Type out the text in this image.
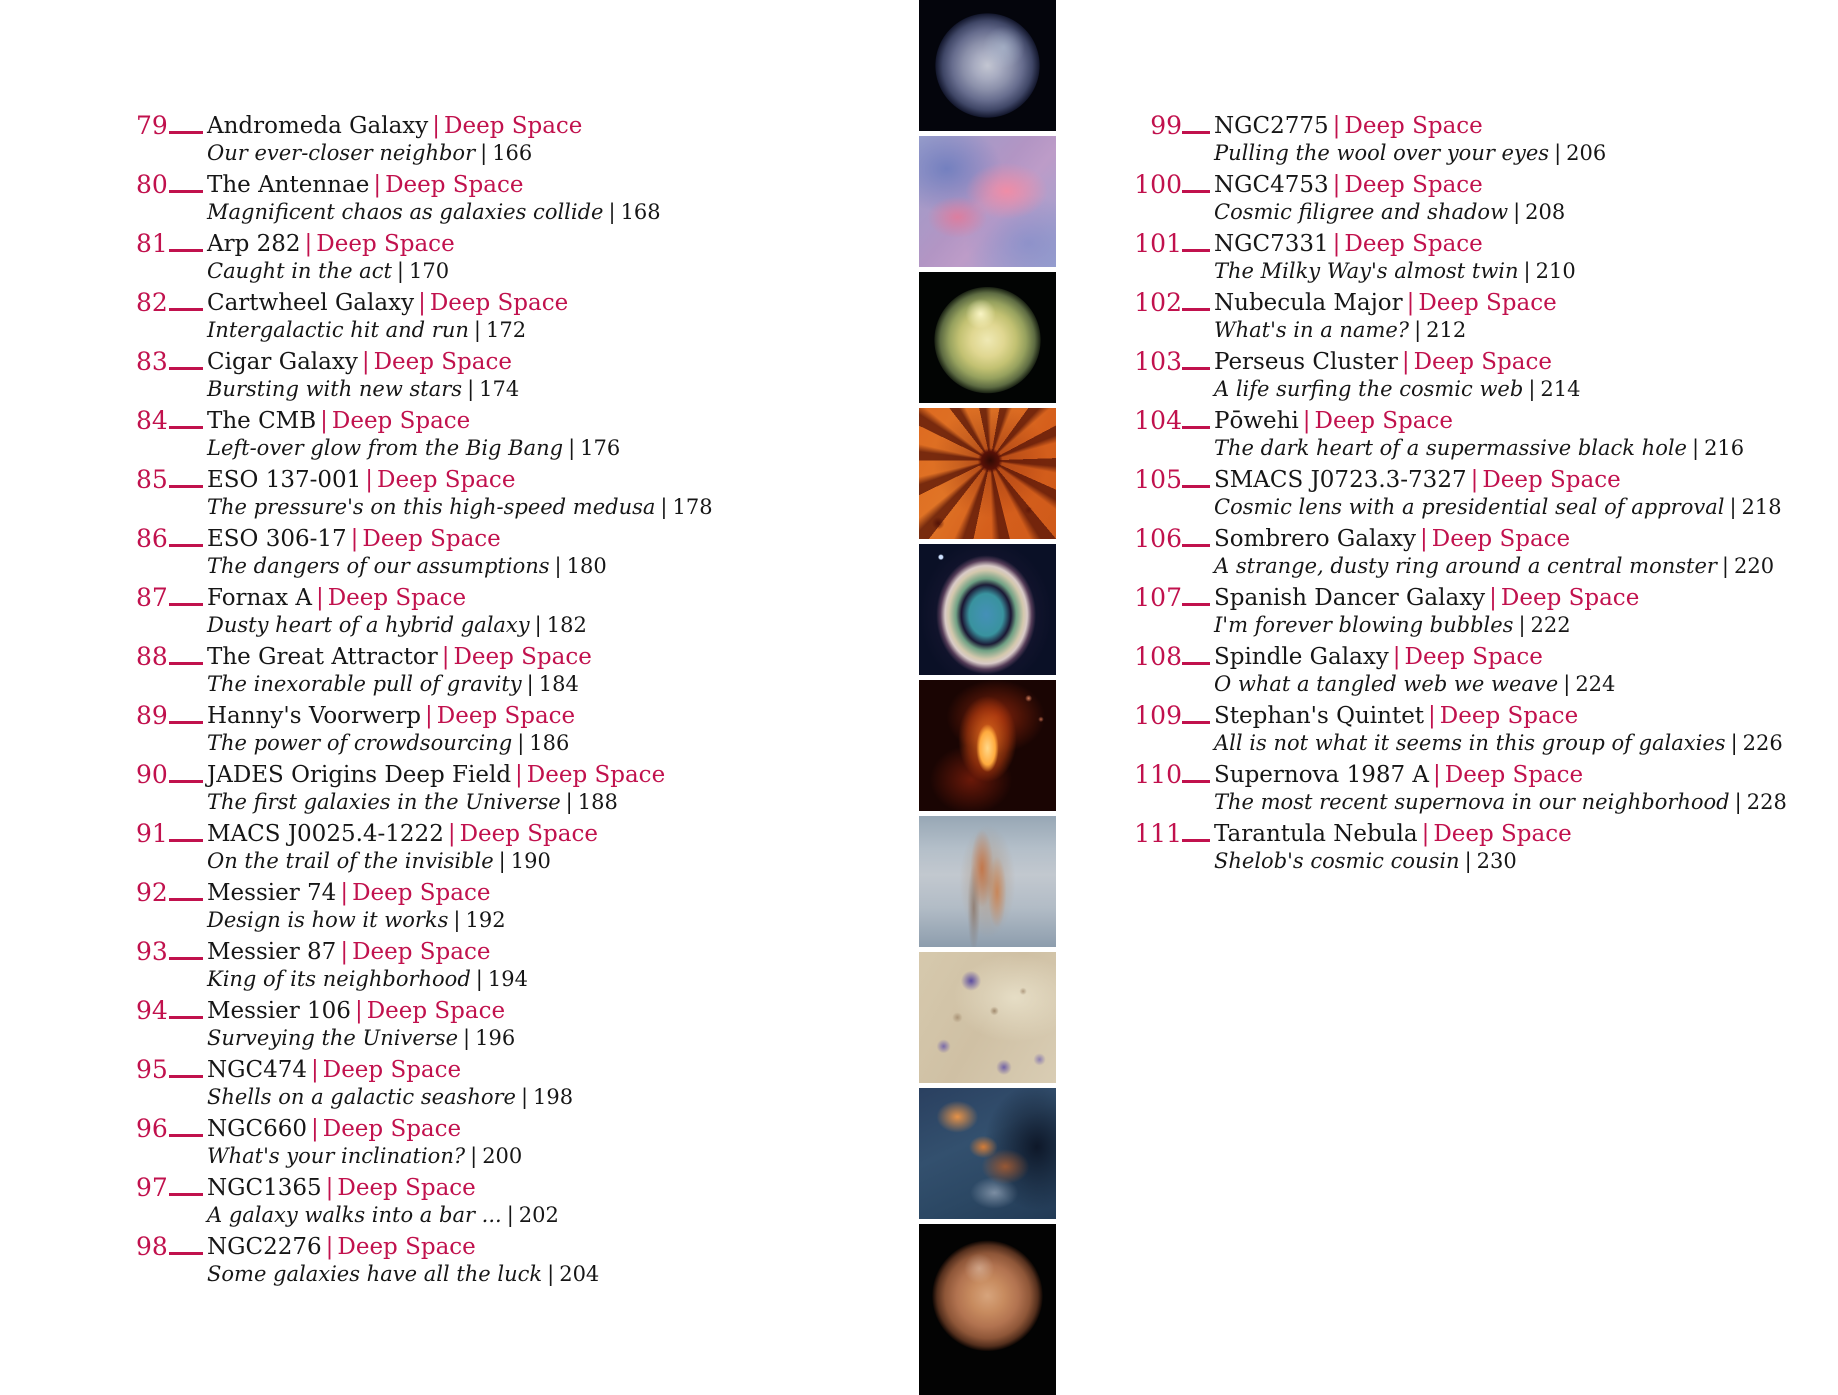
79 Andromeda Galaxy | Deep Space
Our ever-closer neighbor | 166
80 The Antennae | Deep Space
Magnificent chaos as galaxies collide | 168
81 Arp 282 | Deep Space
Caught in the act | 170
82 Cartwheel Galaxy | Deep Space
Intergalactic hit and run | 172
83 Cigar Galaxy | Deep Space
Bursting with new stars | 174
84 The CMB | Deep Space
Left-over glow from the Big Bang | 176
85 ESO 137-001 | Deep Space
The pressure's on this high-speed medusa | 178
86 ESO 306-17 | Deep Space
The dangers of our assumptions | 180
87 Fornax A | Deep Space
Dusty heart of a hybrid galaxy | 182
88 The Great Attractor | Deep Space
The inexorable pull of gravity | 184
89 Hanny's Voorwerp | Deep Space
The power of crowdsourcing | 186
90 JADES Origins Deep Field | Deep Space
The first galaxies in the Universe | 188
91 MACS J0025.4-1222 | Deep Space
On the trail of the invisible | 190
92 Messier 74 | Deep Space
Design is how it works | 192
93 Messier 87 | Deep Space
King of its neighborhood | 194
94 Messier 106 | Deep Space
Surveying the Universe | 196
95 NGC474 | Deep Space
Shells on a galactic seashore | 198
96 NGC660 | Deep Space
What's your inclination? | 200
97 NGC1365 | Deep Space
A galaxy walks into a bar ... | 202
98 NGC2276 | Deep Space
Some galaxies have all the luck | 204
99 NGC2775 | Deep Space
Pulling the wool over your eyes | 206
100 NGC4753 | Deep Space
Cosmic filigree and shadow | 208
101 NGC7331 | Deep Space
The Milky Way's almost twin | 210
102 Nubecula Major | Deep Space
What's in a name? | 212
103 Perseus Cluster | Deep Space
A life surfing the cosmic web | 214
104 Pōwehi | Deep Space
The dark heart of a supermassive black hole | 216
105 SMACS J0723.3-7327 | Deep Space
Cosmic lens with a presidential seal of approval | 218
106 Sombrero Galaxy | Deep Space
A strange, dusty ring around a central monster | 220
107 Spanish Dancer Galaxy | Deep Space
I'm forever blowing bubbles | 222
108 Spindle Galaxy | Deep Space
O what a tangled web we weave | 224
109 Stephan's Quintet | Deep Space
All is not what it seems in this group of galaxies | 226
110 Supernova 1987 A | Deep Space
The most recent supernova in our neighborhood | 228
111 Tarantula Nebula | Deep Space
Shelob's cosmic cousin | 230
